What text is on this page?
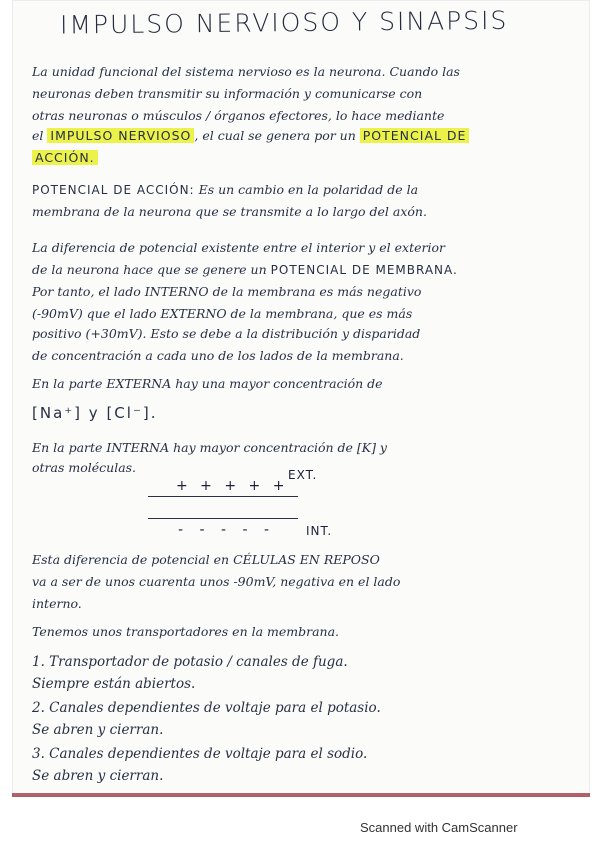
IMPULSO NERVIOSO Y SINAPSIS
La unidad funcional del sistema nervioso es la neurona. Cuando las
neuronas deben transmitir su información y comunicarse con
otras neuronas o músculos / órganos efectores, lo hace mediante
el IMPULSO NERVIOSO , el cual se genera por un POTENCIAL DE
ACCIÓN.
POTENCIAL DE ACCIÓN: Es un cambio en la polaridad de la
membrana de la neurona que se transmite a lo largo del axón.
La diferencia de potencial existente entre el interior y el exterior
de la neurona hace que se genere un POTENCIAL DE MEMBRANA.
Por tanto, el lado INTERNO de la membrana es más negativo
(-90mV) que el lado EXTERNO de la membrana, que es más
positivo (+30mV). Esto se debe a la distribución y disparidad
de concentración a cada uno de los lados de la membrana.
En la parte EXTERNA hay una mayor concentración de
[Na⁺] y [Cl⁻].
En la parte INTERNA hay mayor concentración de [K] y
otras moléculas.
+ + + + +
EXT.
- - - - -	INT.
Esta diferencia de potencial en CÉLULAS EN REPOSO
va a ser de unos cuarenta unos -90mV, negativa en el lado
interno.
Tenemos unos transportadores en la membrana.
1. Transportador de potasio / canales de fuga.
Siempre están abiertos.
2. Canales dependientes de voltaje para el potasio.
Se abren y cierran.
3. Canales dependientes de voltaje para el sodio.
Se abren y cierran.
Scanned with CamScanner
